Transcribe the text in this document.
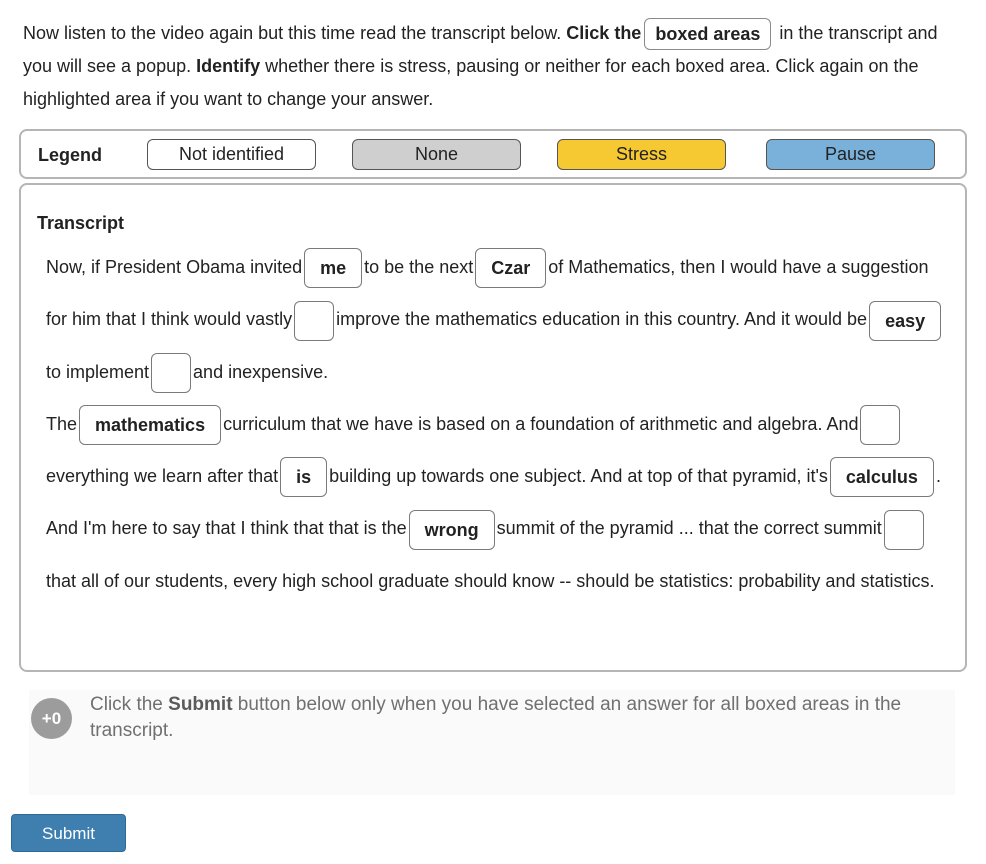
Now listen to the video again but this time read the transcript below. Click the boxed areas in the transcript and you will see a popup. Identify whether there is stress, pausing or neither for each boxed area. Click again on the highlighted area if you want to change your answer.
Legend	Not identified	None	Stress	Pause
Transcript
Now, if President Obama invited me to be the next Czar of Mathematics, then I would have a suggestion for him that I think would vastly improve the mathematics education in this country. And it would be easyto implement and inexpensive.
The mathematics curriculum that we have is based on a foundation of arithmetic and algebra. Andeverything we learn after that is building up towards one subject. And at top of that pyramid, it's calculus . And I'm here to say that I think that that is the wrong summit of the pyramid ... that the correct summitthat all of our students, every high school graduate should know -- should be statistics: probability and statistics.
+0
Click the Submit button below only when you have selected an answer for all boxed areas in the transcript.
Submit
